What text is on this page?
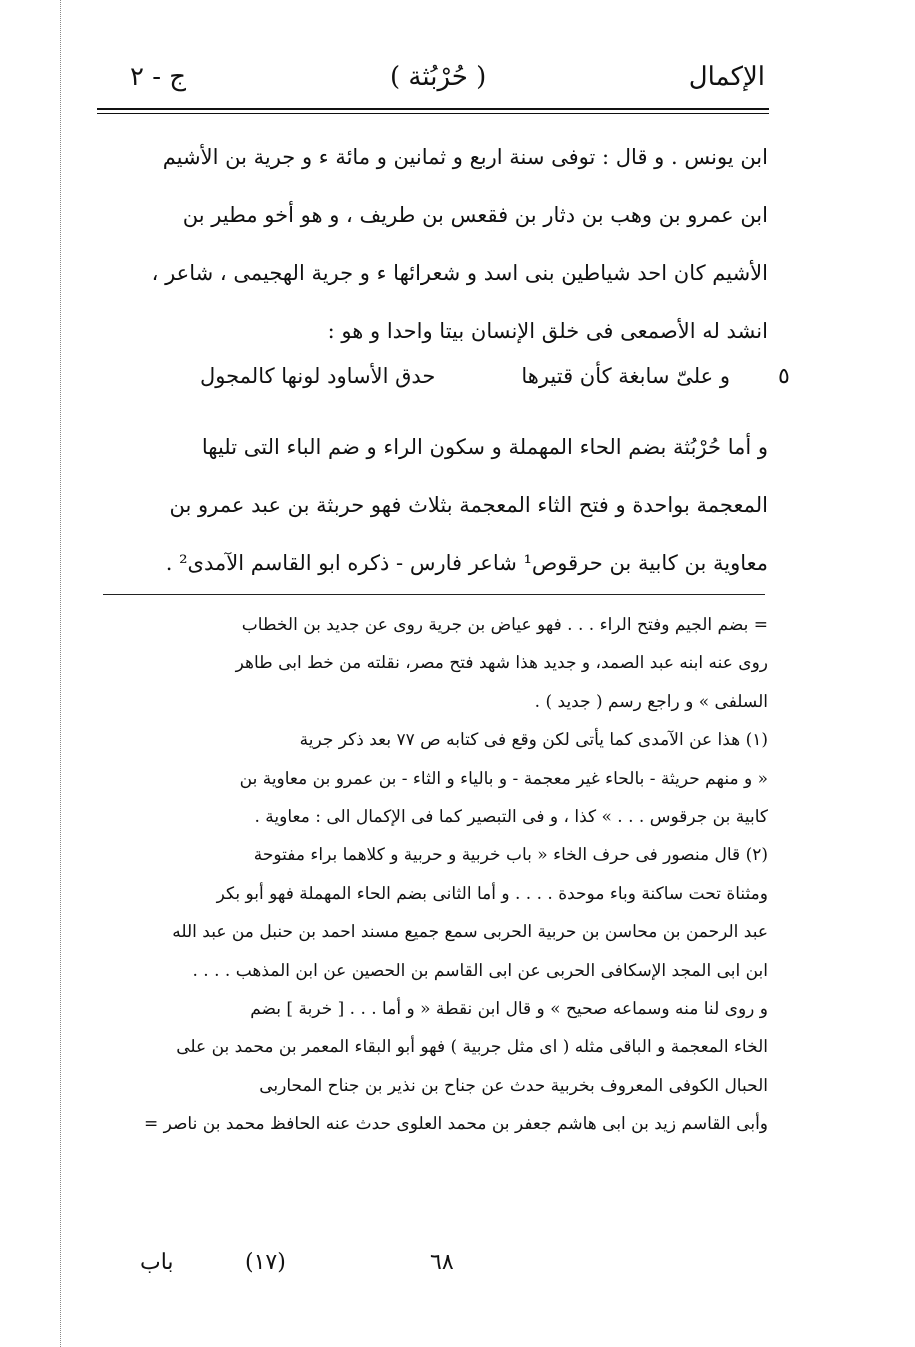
الإكمال
( حُرْبُثة )
ج - ٢
ابن يونس . و قال : توفى سنة اربع و ثمانين و مائة ء و جرية بن الأشيم
ابن عمرو بن وهب بن دثار بن فقعس بن طريف ، و هو أخو مطير بن
الأشيم كان احد شياطين بنى اسد و شعرائها ء و جرية الهجيمى ، شاعر ،
انشد له الأصمعى فى خلق الإنسان بيتا واحدا و هو :
و أما حُرْبُثة بضم الحاء المهملة و سكون الراء و ضم الباء التى تليها
المعجمة بواحدة و فتح الثاء المعجمة بثلاث فهو حربثة بن عبد عمرو بن
معاوية بن كابية بن حرقوص¹ شاعر فارس - ذكره ابو القاسم الآمدى² .
٥
و علىّ سابغة كأن قتيرها
حدق الأساود لونها كالمجول
= بضم الجيم وفتح الراء . . . فهو عياض بن جرية روى عن جديد بن الخطاب
روى عنه ابنه عبد الصمد، و جديد هذا شهد فتح مصر، نقلته من خط ابى طاهر
السلفى » و راجع رسم ( جديد ) .
(١) هذا عن الآمدى كما يأتى لكن وقع فى كتابه ص ٧٧ بعد ذكر جرية
« و منهم حريثة - بالحاء غير معجمة - و بالياء و الثاء - بن عمرو بن معاوية بن
كابية بن جرقوس . . . » كذا ، و فى التبصير كما فى الإكمال الى : معاوية .
(٢) قال منصور فى حرف الخاء « باب خربية و حربية و كلاهما براء مفتوحة
ومثناة تحت ساكنة وباء موحدة . . . . و أما الثانى بضم الحاء المهملة فهو أبو بكر
عبد الرحمن بن محاسن بن حربية الحربى سمع جميع مسند احمد بن حنبل من عبد الله
ابن ابى المجد الإسكافى الحربى عن ابى القاسم بن الحصين عن ابن المذهب . . . .
و روى لنا منه وسماعه صحيح » و قال ابن نقطة « و أما . . . [ خربة ] بضم
الخاء المعجمة و الباقى مثله ( اى مثل جربية ) فهو أبو البقاء المعمر بن محمد بن على
الحبال الكوفى المعروف بخربية حدث عن جناح بن نذير بن جناح المحاربى
وأبى القاسم زيد بن ابى هاشم جعفر بن محمد العلوى حدث عنه الحافظ محمد بن ناصر =
٦٨
(١٧)
باب
